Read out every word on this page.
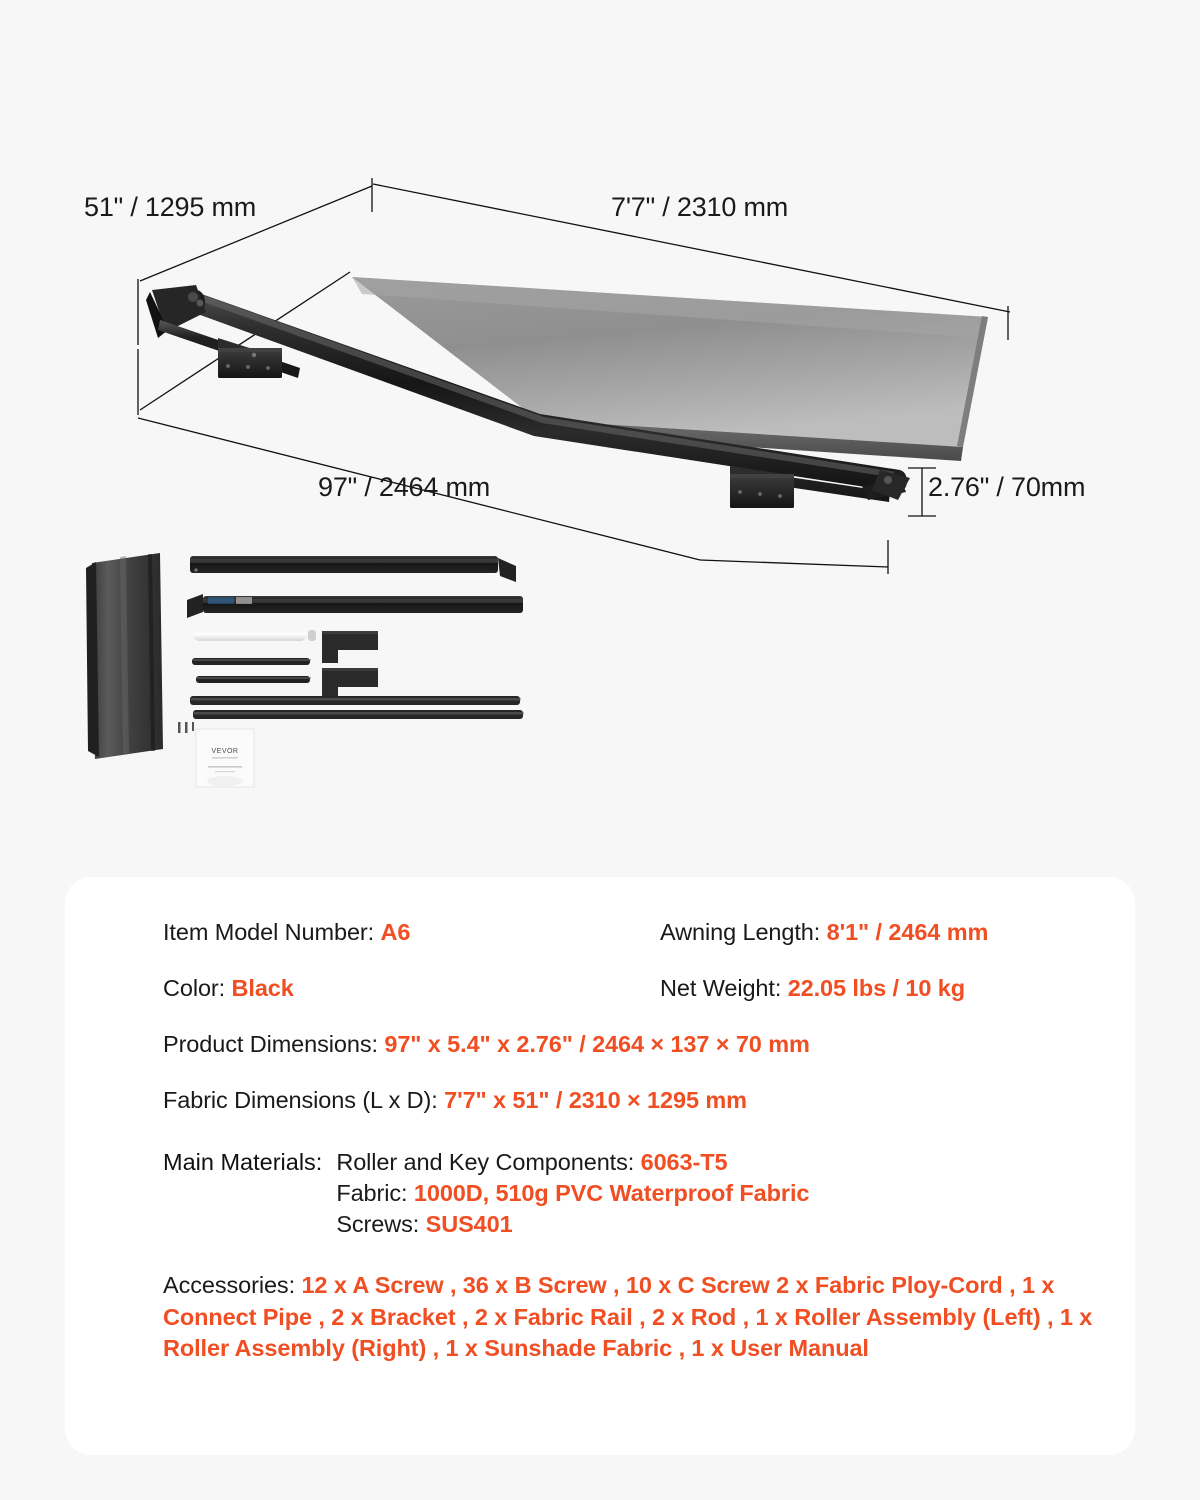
VEVOR
51" / 1295 mm	7'7" / 2310 mm
97" / 2464 mm	2.76" / 70mm
Item Model Number: A6	Awning Length: 8'1" / 2464 mm
Color: Black	Net Weight: 22.05 lbs / 10 kg
Product Dimensions: 97" x 5.4" x 2.76" / 2464 × 137 × 70 mm
Fabric Dimensions (L x D): 7'7" x 51" / 2310 × 1295 mm
Main Materials: Roller and Key Components: 6063-T5
Fabric: 1000D, 510g PVC Waterproof Fabric
Screws: SUS401
Accessories: 12 x A Screw , 36 x B Screw , 10 x C Screw 2 x Fabric Ploy-Cord , 1 x Connect Pipe , 2 x Bracket , 2 x Fabric Rail , 2 x Rod , 1 x Roller Assembly (Left) , 1 x Roller Assembly (Right) , 1 x Sunshade Fabric , 1 x User Manual
